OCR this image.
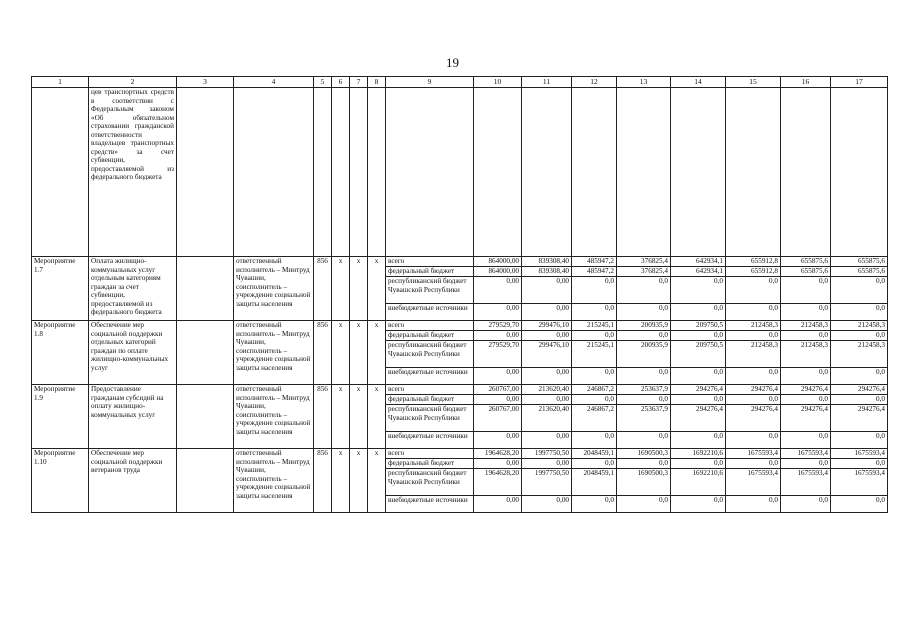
19
1	2	3	4	5	6	7	8	9	10	11	12	13	14	15	16	17
	цев транспортных средств в соответствии с Федеральным законом «Об обязательном страховании гражданской ответственности владельцев транспортных средств» за счет субвенции, предоставляемой из федерального бюджета															
Мероприятие 1.7	Оплата жилищно-коммунальных услуг отдельным категориям граждан за счет субвенции, предоставляемой из федерального бюджета		ответственный исполнитель – Минтруд Чувашии, соисполнитель – учреждение социальной защиты населения	856	х	х	х	всего	864000,00	839308,40	485947,2	376825,4	642934,1	655912,8	655875,6	655875,6
								федеральный бюджет	864000,00	839308,40	485947,2	376825,4	642934,1	655912,8	655875,6	655875,6
								республиканский бюджет Чувашской Республики	0,00	0,00	0,0	0,0	0,0	0,0	0,0	0,0
								внебюджетные источники	0,00	0,00	0,0	0,0	0,0	0,0	0,0	0,0
Мероприятие 1.8	Обеспечение мер социальной поддержки отдельных категорий граждан по оплате жилищно-коммунальных услуг		ответственный исполнитель – Минтруд Чувашии, соисполнитель – учреждение социальной защиты населения	856	х	х	х	всего	279529,70	299476,10	215245,1	200935,9	209750,5	212458,3	212458,3	212458,3
								федеральный бюджет	0,00	0,00	0,0	0,0	0,0	0,0	0,0	0,0
								республиканский бюджет Чувашской Республики	279529,70	299476,10	215245,1	200935,9	209750,5	212458,3	212458,3	212458,3
								внебюджетные источники	0,00	0,00	0,0	0,0	0,0	0,0	0,0	0,0
Мероприятие 1.9	Предоставление гражданам субсидий на оплату жилищно-коммунальных услуг		ответственный исполнитель – Минтруд Чувашии, соисполнитель – учреждение социальной защиты населения	856	х	х	х	всего	260767,00	213620,40	246867,2	253637,9	294276,4	294276,4	294276,4	294276,4
								федеральный бюджет	0,00	0,00	0,0	0,0	0,0	0,0	0,0	0,0
								республиканский бюджет Чувашской Республики	260767,00	213620,40	246867,2	253637,9	294276,4	294276,4	294276,4	294276,4
								внебюджетные источники	0,00	0,00	0,0	0,0	0,0	0,0	0,0	0,0
Мероприятие 1.10	Обеспечение мер социальной поддержки ветеранов труда		ответственный исполнитель – Минтруд Чувашии, соисполнитель – учреждение социальной защиты населения	856	х	х	х	всего	1964628,20	1997750,50	2048459,1	1690500,3	1692210,6	1675593,4	1675593,4	1675593,4
								федеральный бюджет	0,00	0,00	0,0	0,0	0,0	0,0	0,0	0,0
								республиканский бюджет Чувашской Республики	1964628,20	1997750,50	2048459,1	1690500,3	1692210,6	1675593,4	1675593,4	1675593,4
								внебюджетные источники	0,00	0,00	0,0	0,0	0,0	0,0	0,0	0,0
